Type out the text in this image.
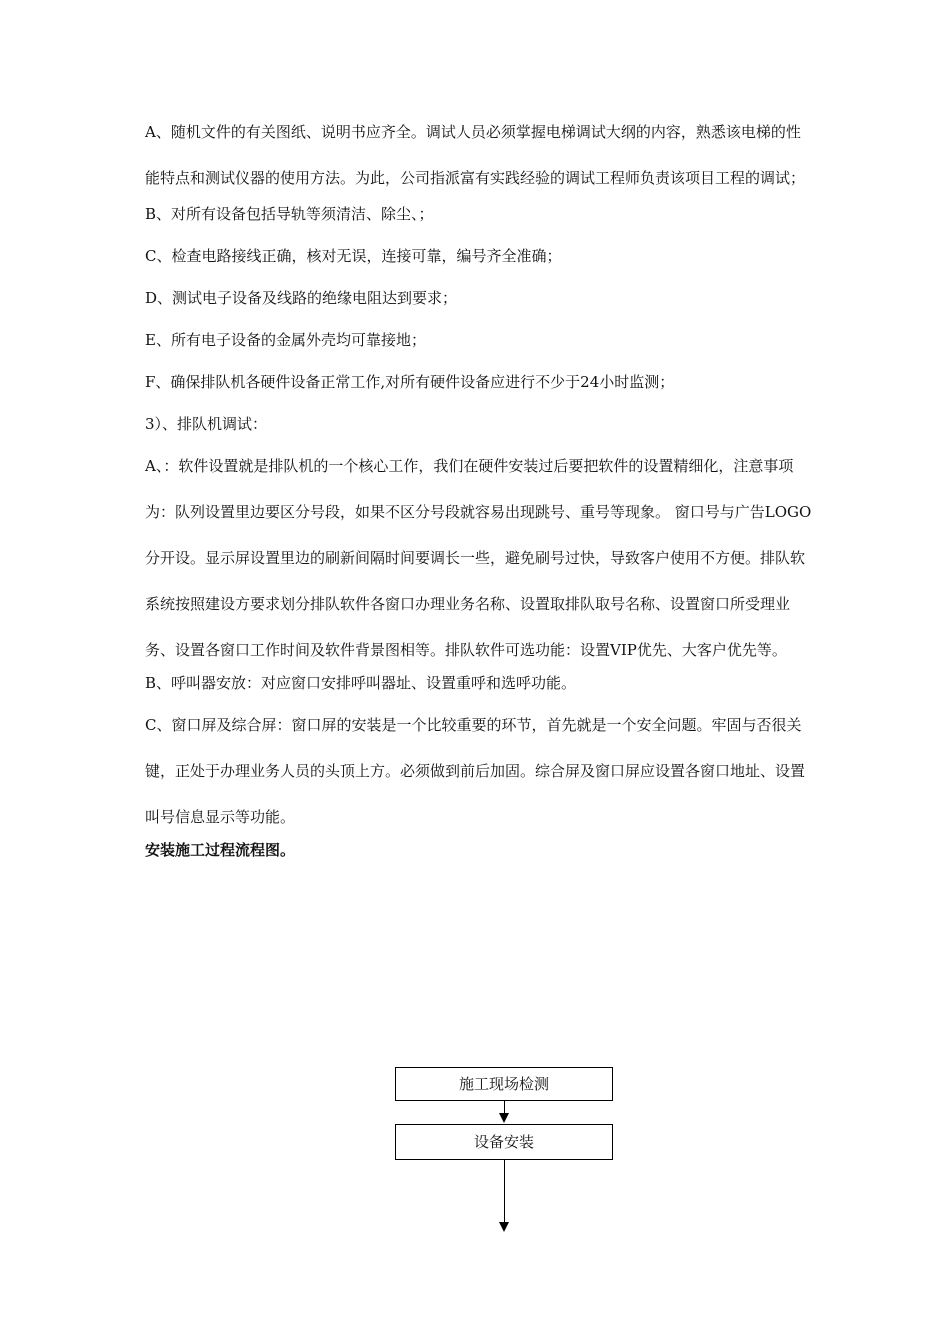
A、随机文件的有关图纸、说明书应齐全。调试人员必须掌握电梯调试大纲的内容，熟悉该电梯的性能特点和测试仪器的使用方法。为此，公司指派富有实践经验的调试工程师负责该项目工程的调试；

B、对所有设备包括导轨等须清洁、除尘、；

C、检查电路接线正确，核对无误，连接可靠，编号齐全准确；

D、测试电子设备及线路的绝缘电阻达到要求；

E、所有电子设备的金属外壳均可靠接地；

F、确保排队机各硬件设备正常工作,对所有硬件设备应进行不少于24小时监测；

3）、排队机调试：

A、：软件设置就是排队机的一个核心工作，我们在硬件安装过后要把软件的设置精细化，注意事项为：队列设置里边要区分号段，如果不区分号段就容易出现跳号、重号等现象。 窗口号与广告LOGO分开设。显示屏设置里边的刷新间隔时间要调长一些，避免刷号过快，导致客户使用不方便。排队软系统按照建设方要求划分排队软件各窗口办理业务名称、设置取排队取号名称、设置窗口所受理业务、设置各窗口工作时间及软件背景图相等。排队软件可选功能：设置VIP优先、大客户优先等。

B、呼叫器安放：对应窗口安排呼叫器址、设置重呼和选呼功能。

C、窗口屏及综合屏：窗口屏的安装是一个比较重要的环节，首先就是一个安全问题。牢固与否很关键，正处于办理业务人员的头顶上方。必须做到前后加固。综合屏及窗口屏应设置各窗口地址、设置叫号信息显示等功能。

安装施工过程流程图。

施工现场检测
设备安装
